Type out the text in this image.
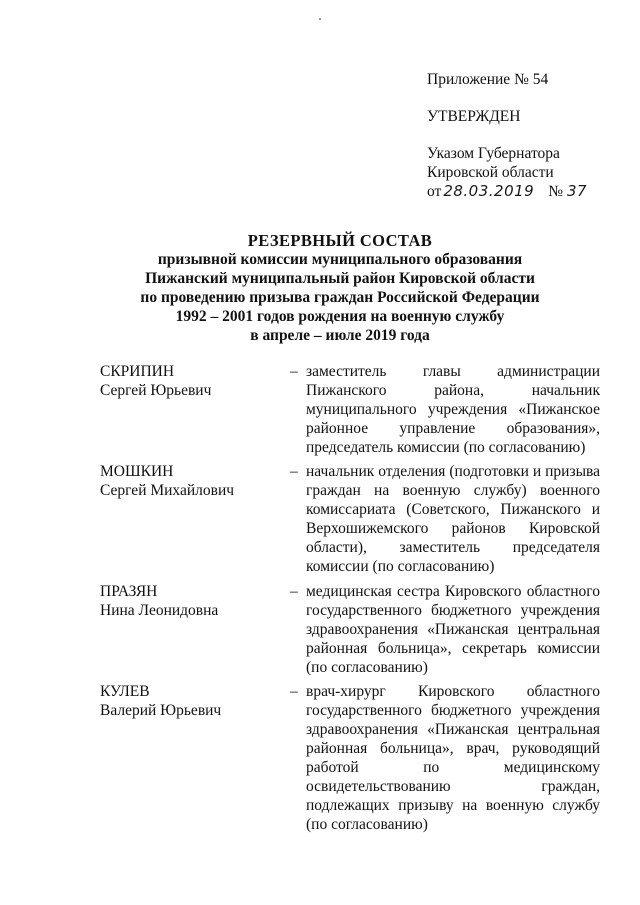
Приложение № 54
УТВЕРЖДЕН
Указом Губернатора
Кировской области
от 28.03.2019 № 37
РЕЗЕРВНЫЙ СОСТАВ
призывной комиссии муниципального образования
Пижанский муниципальный район Кировской области
по проведению призыва граждан Российской Федерации
1992 – 2001 годов рождения на военную службу
в апреле – июле 2019 года
СКРИПИН
Сергей Юрьевич
– заместитель главы администрации Пижанского района, начальник муниципального учреждения «Пижанское районное управление образования», председатель комиссии (по согласованию)
МОШКИН
Сергей Михайлович
– начальник отделения (подготовки и призыва граждан на военную службу) военного комиссариата (Советского, Пижанского и Верхошижемского районов Кировской области), заместитель председателя комиссии (по согласованию)
ПРАЗЯН
Нина Леонидовна
– медицинская сестра Кировского областного государственного бюджетного учреждения здравоохранения «Пижанская центральная районная больница», секретарь комиссии (по согласованию)
КУЛЕВ
Валерий Юрьевич
– врач-хирург Кировского областного государственного бюджетного учреждения здравоохранения «Пижанская центральная районная больница», врач, руководящий работой по медицинскому освидетельствованию граждан, подлежащих призыву на военную службу (по согласованию)
